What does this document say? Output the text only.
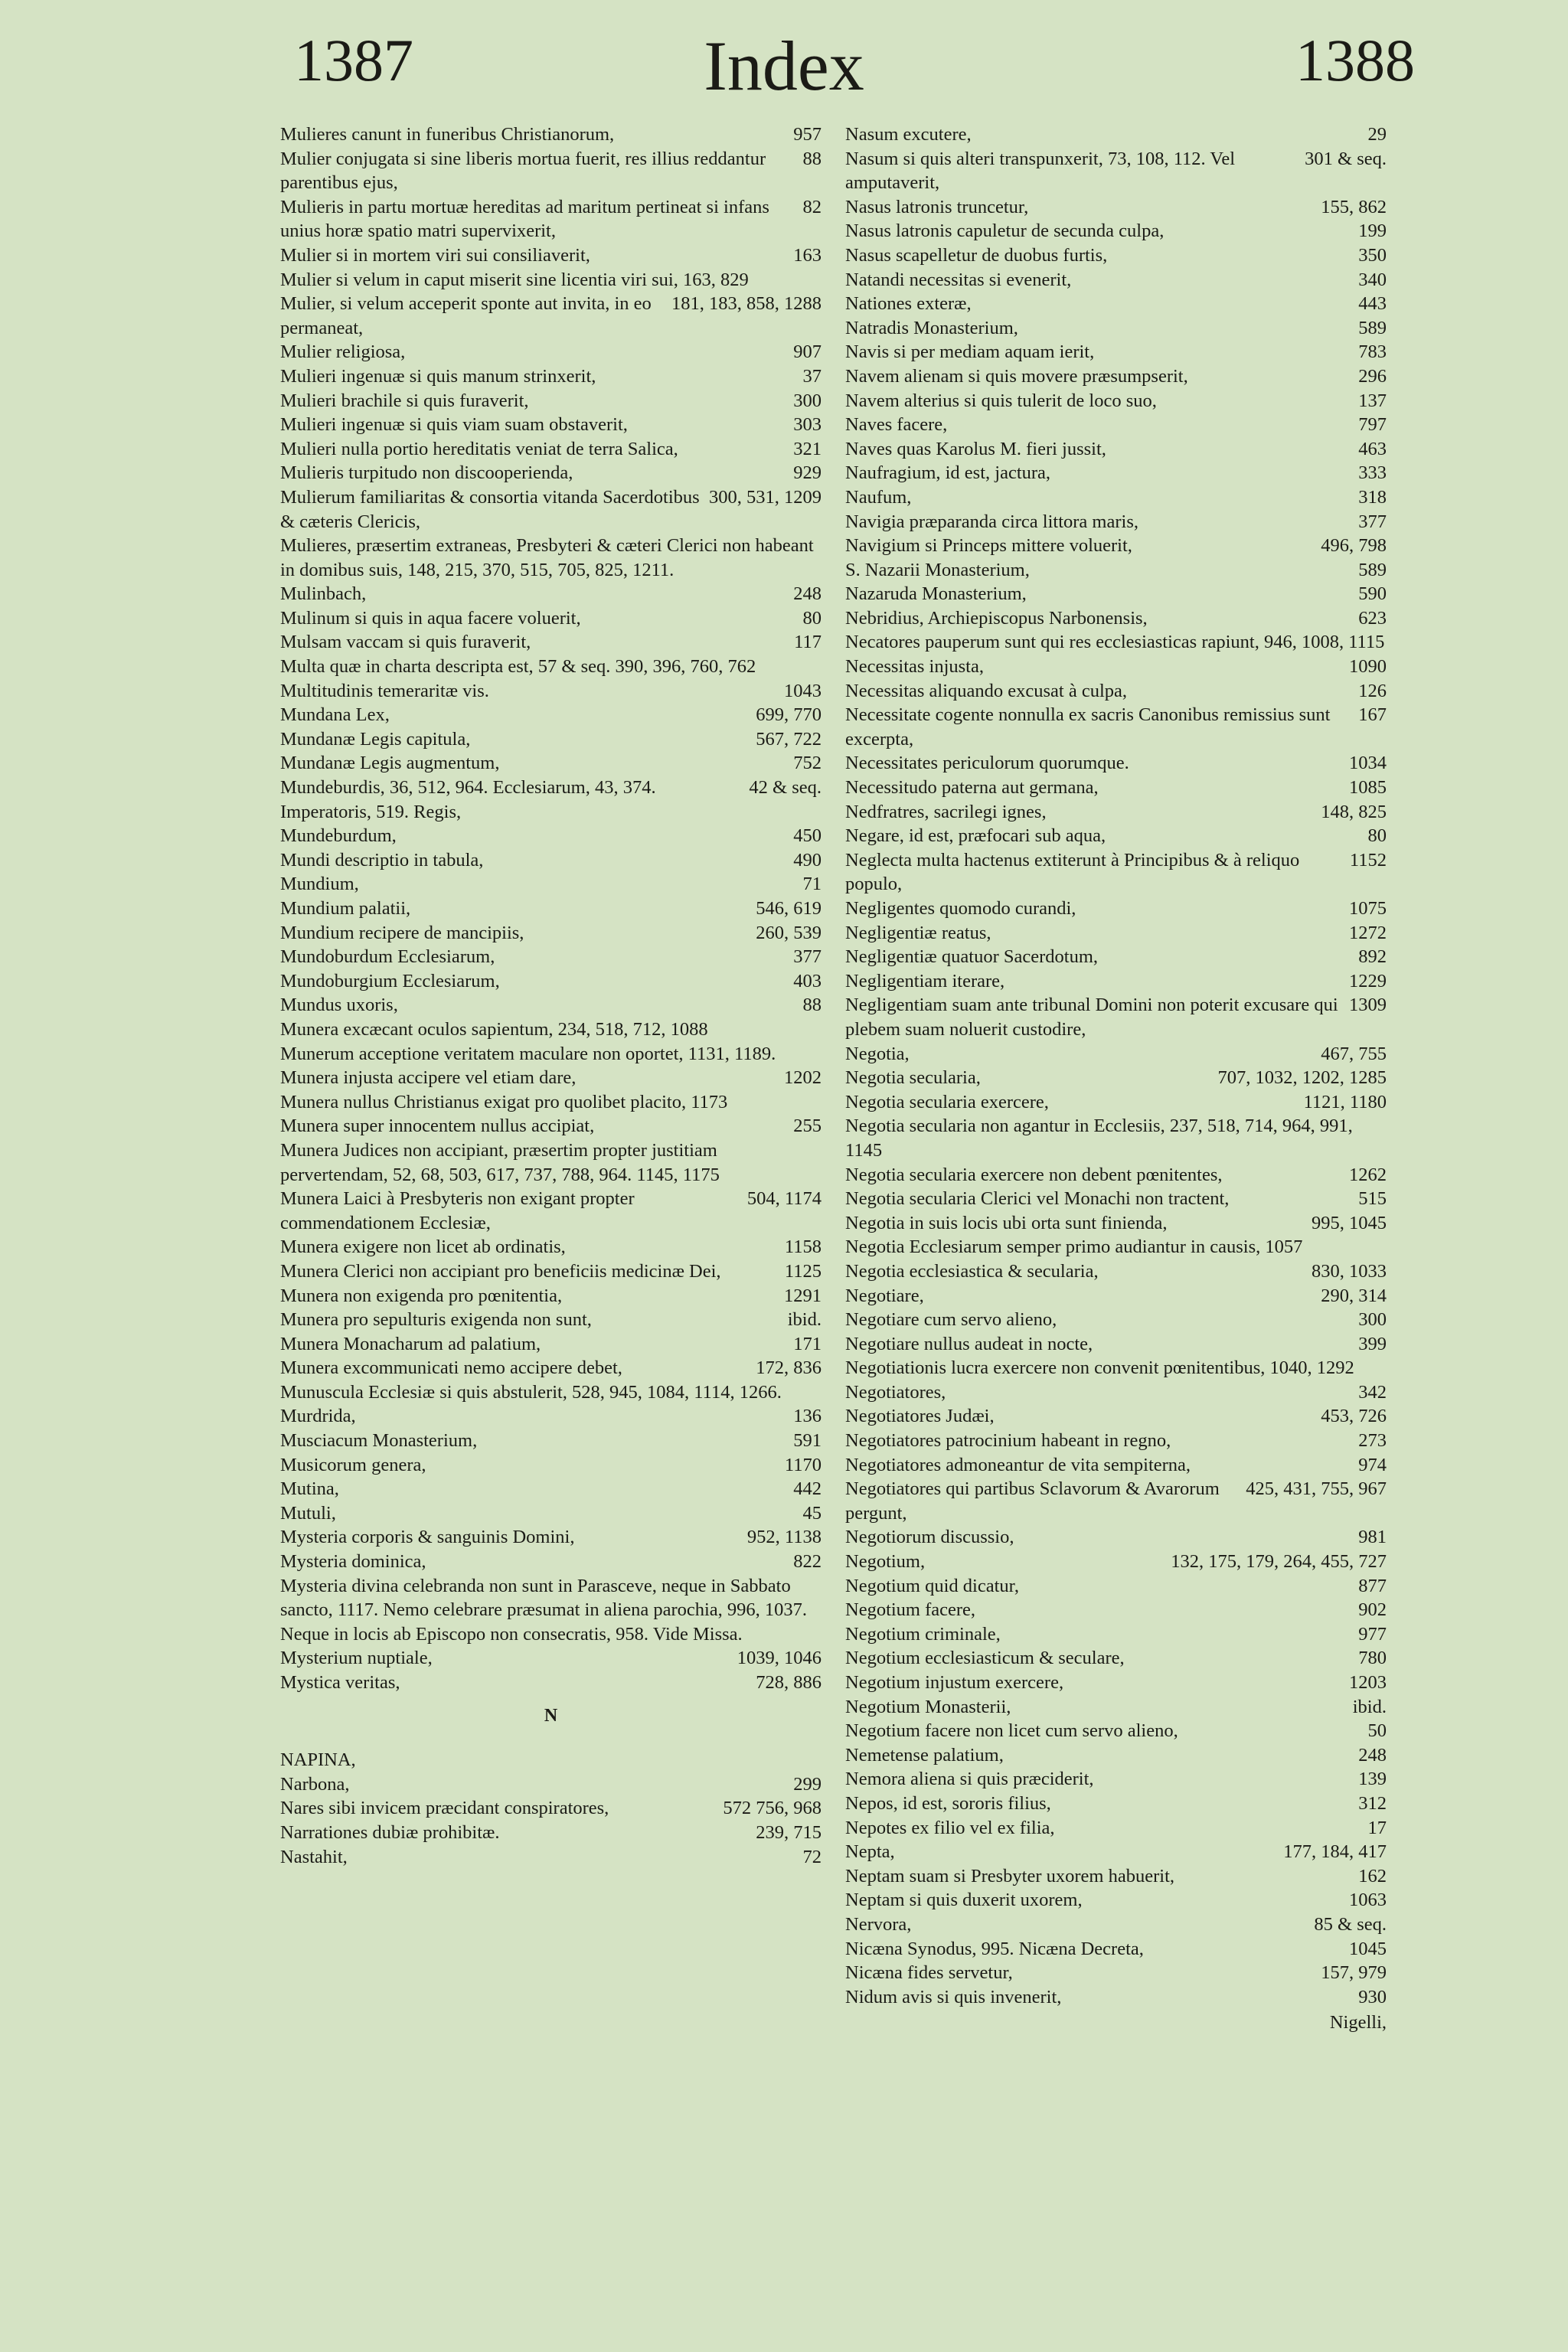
1387	Index	1388
957
Mulieres canunt in funeribus Christianorum,
88
Mulier conjugata si sine liberis mortua fuerit, res illius reddantur parentibus ejus,
82
Mulieris in partu mortuæ hereditas ad maritum pertineat si infans unius horæ spatio matri supervixerit,
163
Mulier si in mortem viri sui consiliaverit,
Mulier si velum in caput miserit sine licentia viri sui, 163, 829
181, 183, 858, 1288
Mulier, si velum acceperit sponte aut invita, in eo permaneat,
907
Mulier religiosa,
37
Mulieri ingenuæ si quis manum strinxerit,
300
Mulieri brachile si quis furaverit,
303
Mulieri ingenuæ si quis viam suam obstaverit,
321
Mulieri nulla portio hereditatis veniat de terra Salica,
929
Mulieris turpitudo non discooperienda,
300, 531, 1209
Mulierum familiaritas & consortia vitanda Sacerdotibus & cæteris Clericis,
Mulieres, præsertim extraneas, Presbyteri & cæteri Clerici non habeant in domibus suis, 148, 215, 370, 515, 705, 825, 1211.
248
Mulinbach,
80
Mulinum si quis in aqua facere voluerit,
117
Mulsam vaccam si quis furaverit,
Multa quæ in charta descripta est, 57 & seq. 390, 396, 760, 762
1043
Multitudinis temeraritæ vis.
699, 770
Mundana Lex,
567, 722
Mundanæ Legis capitula,
752
Mundanæ Legis augmentum,
42 & seq.
Mundeburdis, 36, 512, 964. Ecclesiarum, 43, 374. Imperatoris, 519. Regis,
450
Mundeburdum,
490
Mundi descriptio in tabula,
71
Mundium,
546, 619
Mundium palatii,
260, 539
Mundium recipere de mancipiis,
377
Mundoburdum Ecclesiarum,
403
Mundoburgium Ecclesiarum,
88
Mundus uxoris,
Munera excæcant oculos sapientum, 234, 518, 712, 1088
Munerum acceptione veritatem maculare non oportet, 1131, 1189.
1202
Munera injusta accipere vel etiam dare,
Munera nullus Christianus exigat pro quolibet placito, 1173
255
Munera super innocentem nullus accipiat,
Munera Judices non accipiant, præsertim propter justitiam pervertendam, 52, 68, 503, 617, 737, 788, 964. 1145, 1175
504, 1174
Munera Laici à Presbyteris non exigant propter commendationem Ecclesiæ,
1158
Munera exigere non licet ab ordinatis,
1125
Munera Clerici non accipiant pro beneficiis medicinæ Dei,
1291
Munera non exigenda pro pœnitentia,
ibid.
Munera pro sepulturis exigenda non sunt,
171
Munera Monacharum ad palatium,
172, 836
Munera excommunicati nemo accipere debet,
Munuscula Ecclesiæ si quis abstulerit, 528, 945, 1084, 1114, 1266.
136
Murdrida,
591
Musciacum Monasterium,
1170
Musicorum genera,
442
Mutina,
45
Mutuli,
952, 1138
Mysteria corporis & sanguinis Domini,
822
Mysteria dominica,
Mysteria divina celebranda non sunt in Parasceve, neque in Sabbato sancto, 1117. Nemo celebrare præsumat in aliena parochia, 996, 1037. Neque in locis ab Episcopo non consecratis, 958. Vide Missa.
1039, 1046
Mysterium nuptiale,
728, 886
Mystica veritas,
N
NAPINA,
299
Narbona,
572 756, 968
Nares sibi invicem præcidant conspiratores,
239, 715
Narrationes dubiæ prohibitæ.
72
Nastahit,
29
Nasum excutere,
301 & seq.
Nasum si quis alteri transpunxerit, 73, 108, 112. Vel amputaverit,
155, 862
Nasus latronis truncetur,
199
Nasus latronis capuletur de secunda culpa,
350
Nasus scapelletur de duobus furtis,
340
Natandi necessitas si evenerit,
443
Nationes exteræ,
589
Natradis Monasterium,
783
Navis si per mediam aquam ierit,
296
Navem alienam si quis movere præsumpserit,
137
Navem alterius si quis tulerit de loco suo,
797
Naves facere,
463
Naves quas Karolus M. fieri jussit,
333
Naufragium, id est, jactura,
318
Naufum,
377
Navigia præparanda circa littora maris,
496, 798
Navigium si Princeps mittere voluerit,
589
S. Nazarii Monasterium,
590
Nazaruda Monasterium,
623
Nebridius, Archiepiscopus Narbonensis,
Necatores pauperum sunt qui res ecclesiasticas rapiunt, 946, 1008, 1115
1090
Necessitas injusta,
126
Necessitas aliquando excusat à culpa,
167
Necessitate cogente nonnulla ex sacris Canonibus remissius sunt excerpta,
1034
Necessitates periculorum quorumque.
1085
Necessitudo paterna aut germana,
148, 825
Nedfratres, sacrilegi ignes,
80
Negare, id est, præfocari sub aqua,
1152
Neglecta multa hactenus extiterunt à Principibus & à reliquo populo,
1075
Negligentes quomodo curandi,
1272
Negligentiæ reatus,
892
Negligentiæ quatuor Sacerdotum,
1229
Negligentiam iterare,
1309
Negligentiam suam ante tribunal Domini non poterit excusare qui plebem suam noluerit custodire,
467, 755
Negotia,
707, 1032, 1202, 1285
Negotia secularia,
1121, 1180
Negotia secularia exercere,
Negotia secularia non agantur in Ecclesiis, 237, 518, 714, 964, 991, 1145
1262
Negotia secularia exercere non debent pœnitentes,
515
Negotia secularia Clerici vel Monachi non tractent,
995, 1045
Negotia in suis locis ubi orta sunt finienda,
Negotia Ecclesiarum semper primo audiantur in causis, 1057
830, 1033
Negotia ecclesiastica & secularia,
290, 314
Negotiare,
300
Negotiare cum servo alieno,
399
Negotiare nullus audeat in nocte,
Negotiationis lucra exercere non convenit pœnitentibus, 1040, 1292
342
Negotiatores,
453, 726
Negotiatores Judæi,
273
Negotiatores patrocinium habeant in regno,
974
Negotiatores admoneantur de vita sempiterna,
425, 431, 755, 967
Negotiatores qui partibus Sclavorum & Avarorum pergunt,
981
Negotiorum discussio,
132, 175, 179, 264, 455, 727
Negotium,
877
Negotium quid dicatur,
902
Negotium facere,
977
Negotium criminale,
780
Negotium ecclesiasticum & seculare,
1203
Negotium injustum exercere,
ibid.
Negotium Monasterii,
50
Negotium facere non licet cum servo alieno,
248
Nemetense palatium,
139
Nemora aliena si quis præciderit,
312
Nepos, id est, sororis filius,
17
Nepotes ex filio vel ex filia,
177, 184, 417
Nepta,
162
Neptam suam si Presbyter uxorem habuerit,
1063
Neptam si quis duxerit uxorem,
85 & seq.
Nervora,
1045
Nicæna Synodus, 995. Nicæna Decreta,
157, 979
Nicæna fides servetur,
930
Nidum avis si quis invenerit,
Nigelli,
